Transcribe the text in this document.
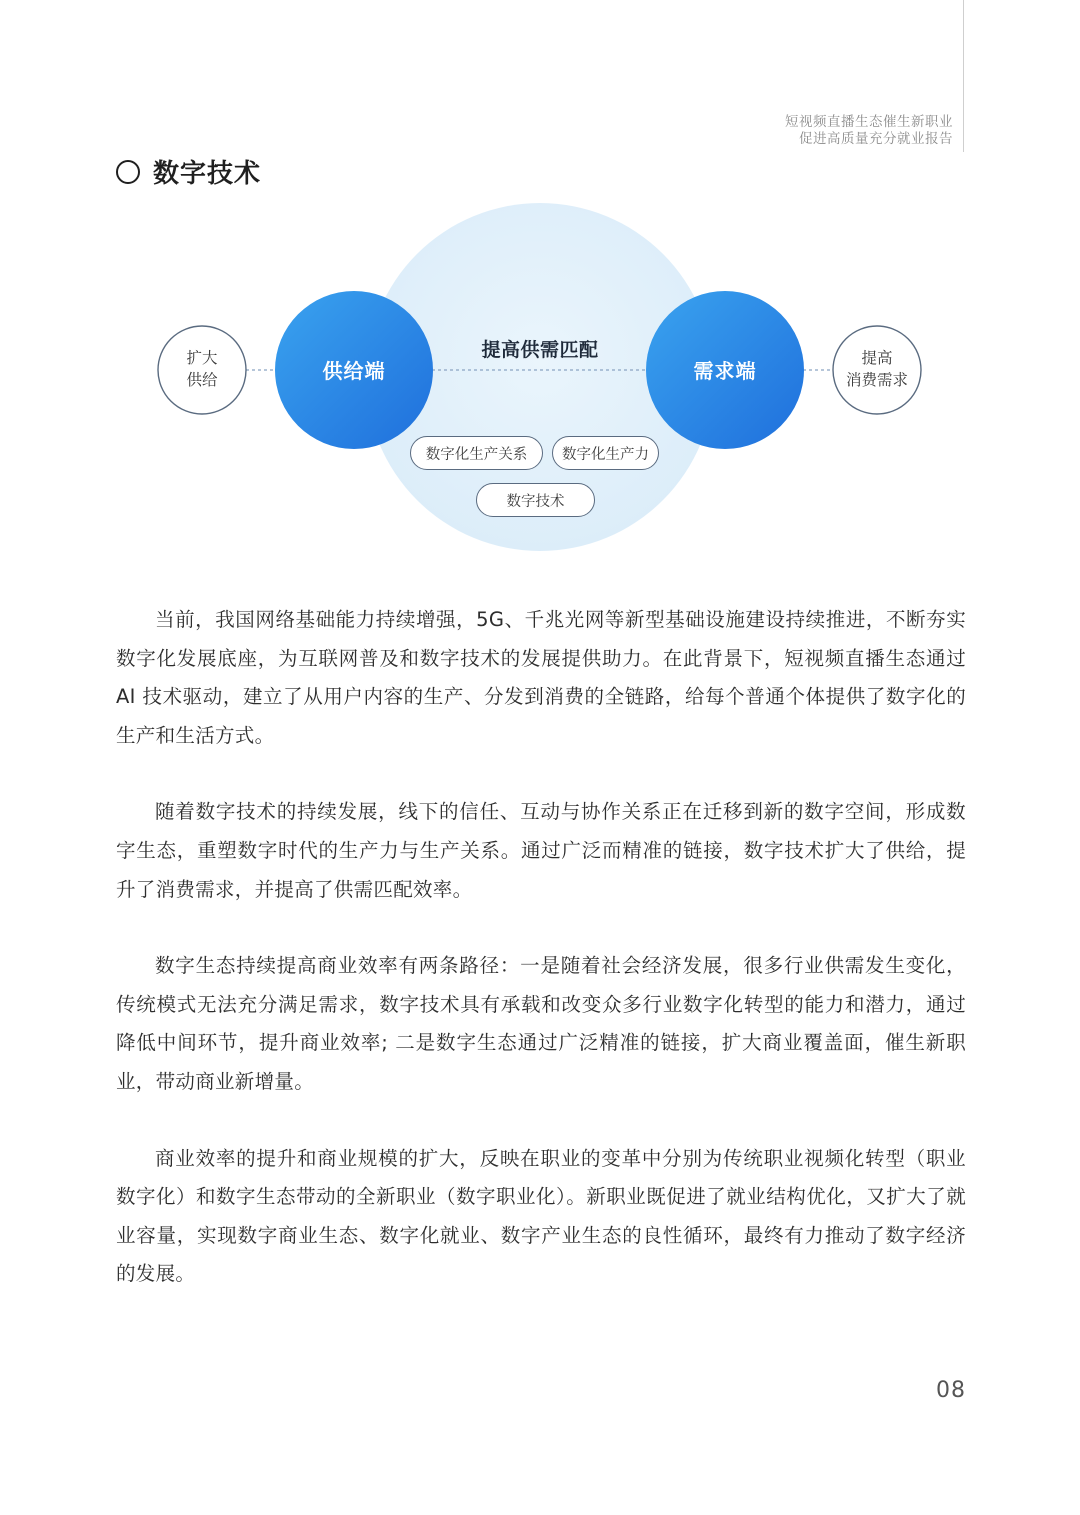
短视频直播生态催生新职业
促进高质量充分就业报告
数字技术
扩大
供给	供给端
提高供需匹配
需求端
提高
消费需求
数字化生产关系	数字化生产力
数字技术

当前，我国网络基础能力持续增强，5G、千兆光网等新型基础设施建设持续推进，不断夯实数字化发展底座，为互联网普及和数字技术的发展提供助力。在此背景下，短视频直播生态通过 AI 技术驱动，建立了从用户内容的生产、分发到消费的全链路，给每个普通个体提供了数字化的生产和生活方式。

随着数字技术的持续发展，线下的信任、互动与协作关系正在迁移到新的数字空间，形成数字生态，重塑数字时代的生产力与生产关系。通过广泛而精准的链接，数字技术扩大了供给，提升了消费需求，并提高了供需匹配效率。

数字生态持续提高商业效率有两条路径：一是随着社会经济发展，很多行业供需发生变化，传统模式无法充分满足需求，数字技术具有承载和改变众多行业数字化转型的能力和潜力，通过降低中间环节，提升商业效率; 二是数字生态通过广泛精准的链接，扩大商业覆盖面，催生新职业，带动商业新增量。

商业效率的提升和商业规模的扩大，反映在职业的变革中分别为传统职业视频化转型（职业数字化）和数字生态带动的全新职业（数字职业化）。新职业既促进了就业结构优化，又扩大了就业容量，实现数字商业生态、数字化就业、数字产业生态的良性循环，最终有力推动了数字经济的发展。

08
